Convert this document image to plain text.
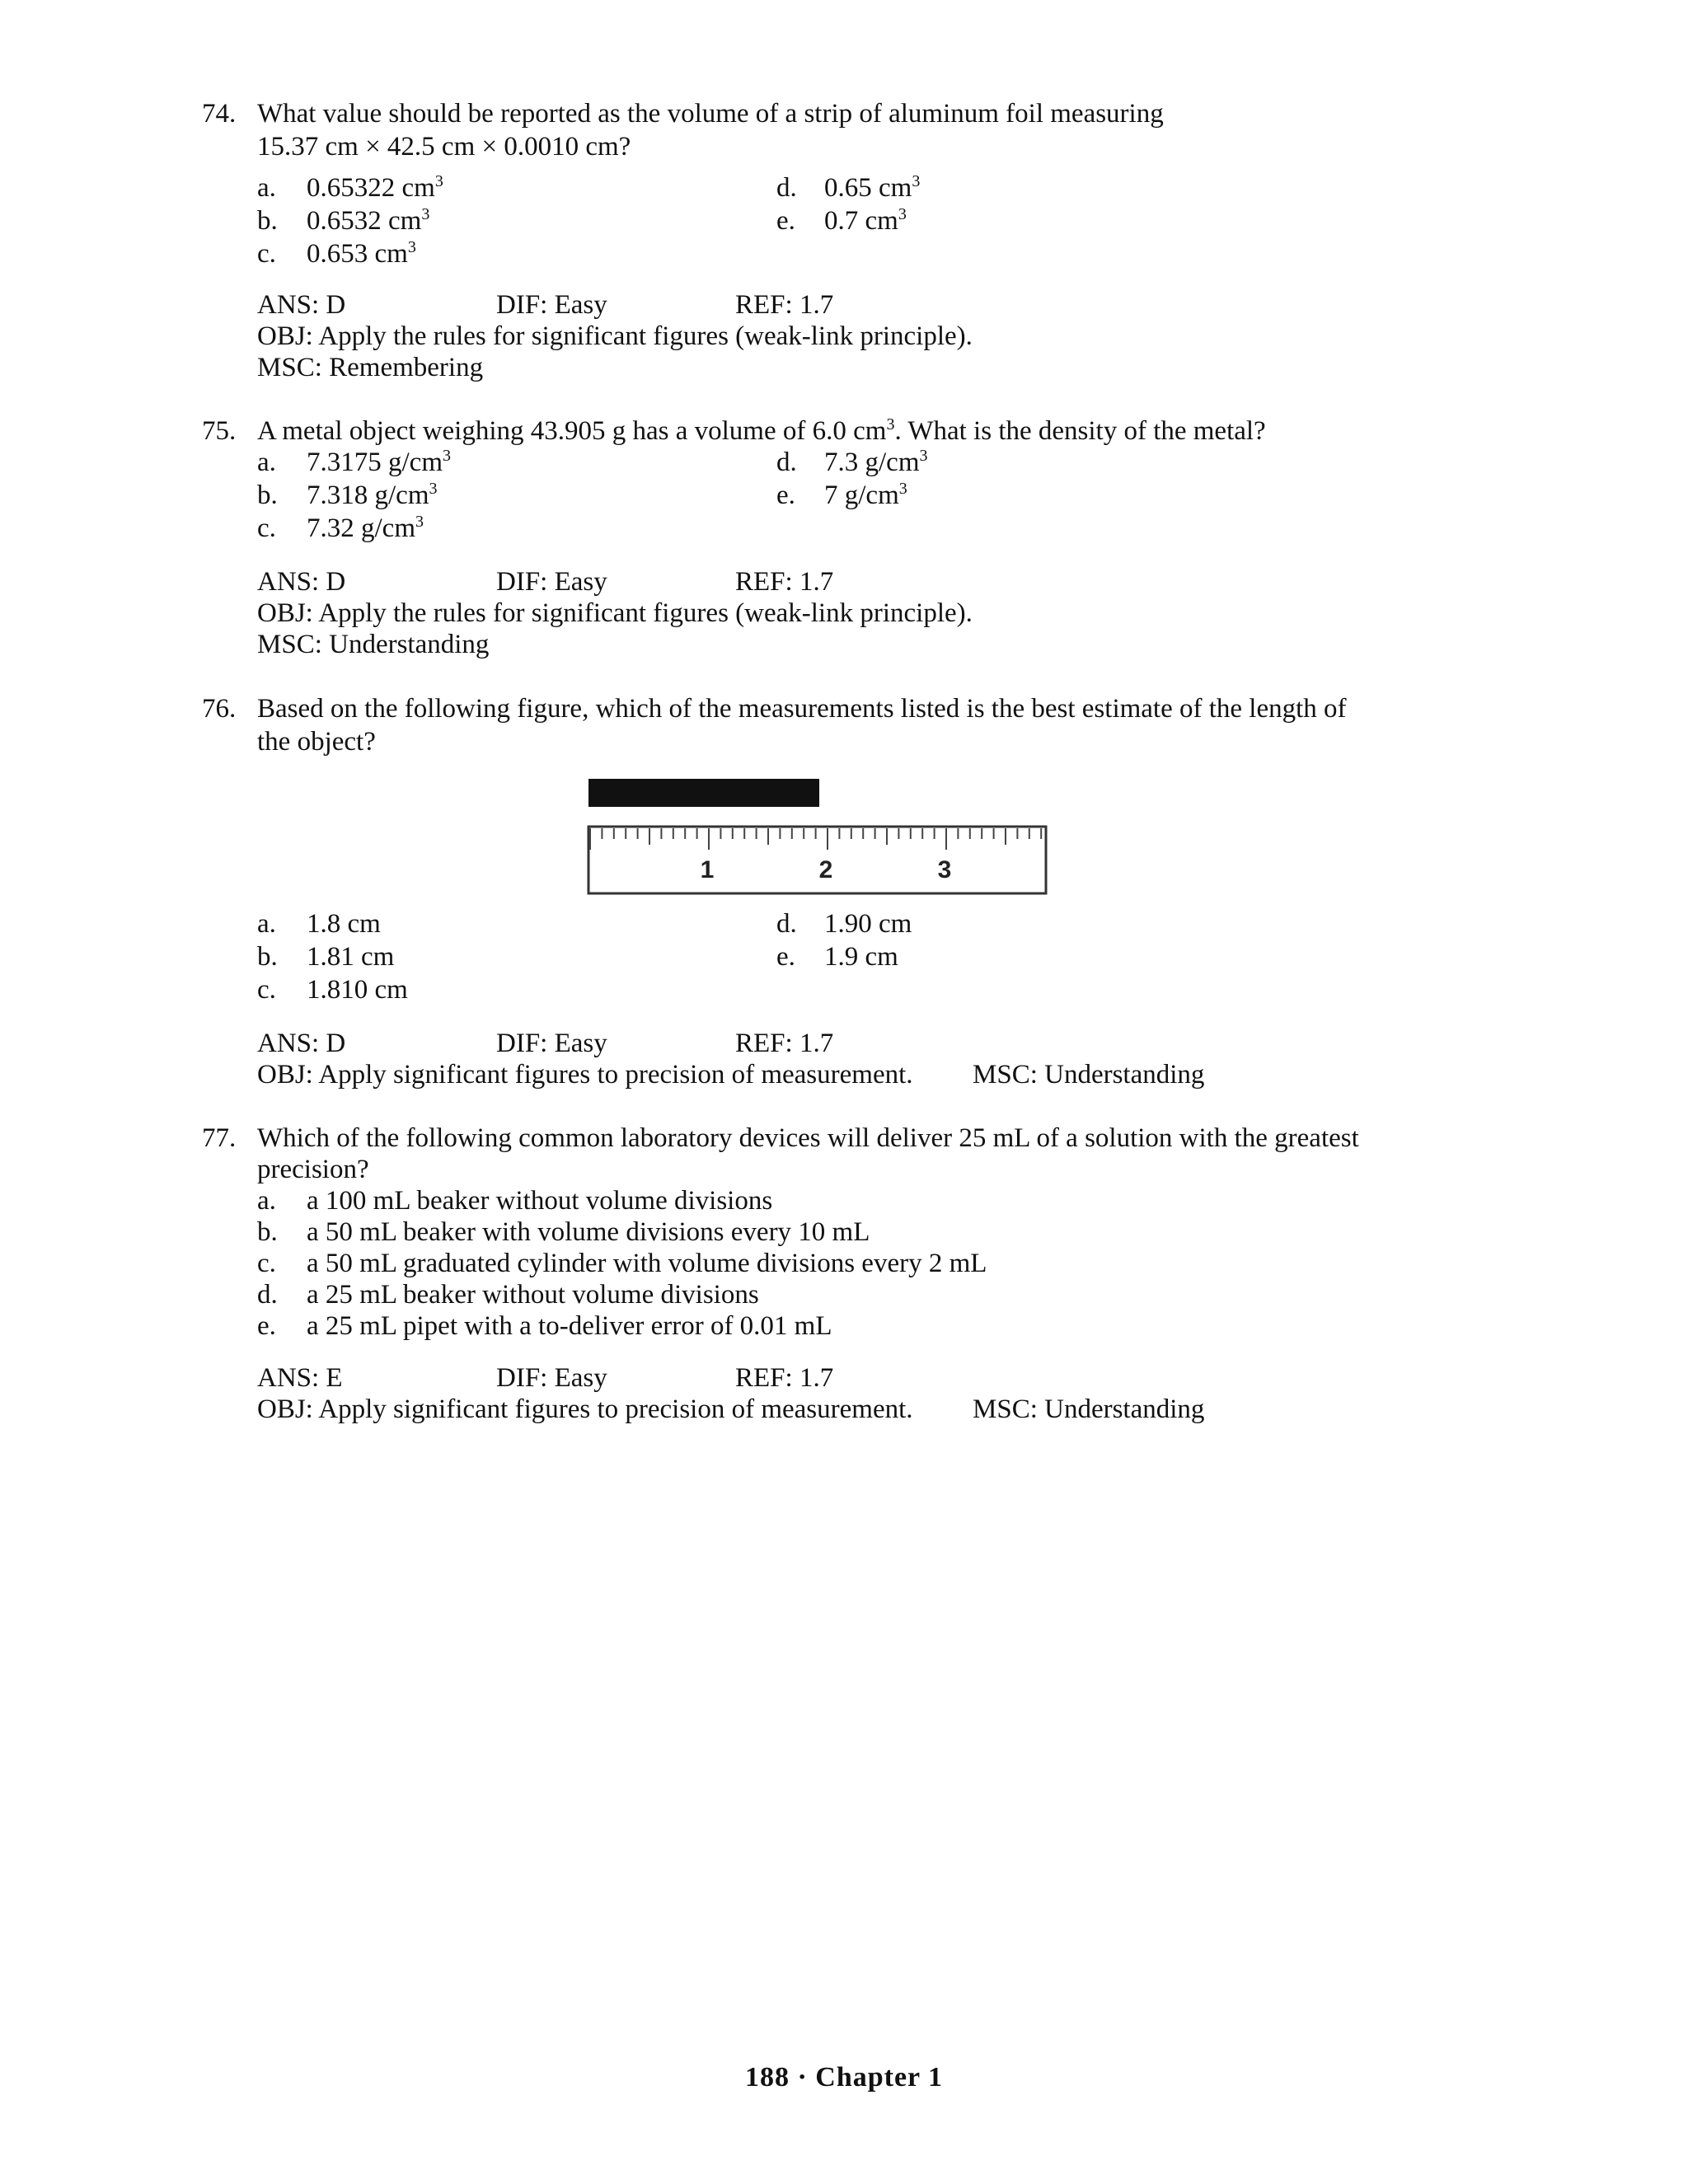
74. What value should be reported as the volume of a strip of aluminum foil measuring
15.37 cm × 42.5 cm × 0.0010 cm?
a. 0.65322 $cm^3$
b. 0.6532 $cm^3$
c. 0.653 $cm^3$
d. 0.65 $cm^3$
e. 0.7 $cm^3$
ANS: D	DIF: Easy	REF: 1.7
OBJ: Apply the rules for significant figures (weak-link principle).
MSC: Remembering
75. A metal object weighing 43.905 g has a volume of 6.0 $cm^3$. What is the density of the metal?
a. 7.3175 $g/cm^3$
b. 7.318 $g/cm^3$
c. 7.32 $g/cm^3$
d. 7.3 $g/cm^3$
e. 7 $g/cm^3$
ANS: D	DIF: Easy	REF: 1.7
OBJ: Apply the rules for significant figures (weak-link principle).
MSC: Understanding
76. Based on the following figure, which of the measurements listed is the best estimate of the length of
the object?
1	2	3
a. 1.8 cm
b. 1.81 cm
c. 1.810 cm
d. 1.90 cm
e. 1.9 cm
ANS: D	DIF: Easy	REF: 1.7
OBJ: Apply significant figures to precision of measurement. MSC: Understanding
77. Which of the following common laboratory devices will deliver 25 mL of a solution with the greatest
precision?
a. a 100 mL beaker without volume divisions
b. a 50 mL beaker with volume divisions every 10 mL
c. a 50 mL graduated cylinder with volume divisions every 2 mL
d. a 25 mL beaker without volume divisions
e. a 25 mL pipet with a to-deliver error of 0.01 mL
ANS: E	DIF: Easy	REF: 1.7
OBJ: Apply significant figures to precision of measurement. MSC: Understanding
188 · Chapter 1
